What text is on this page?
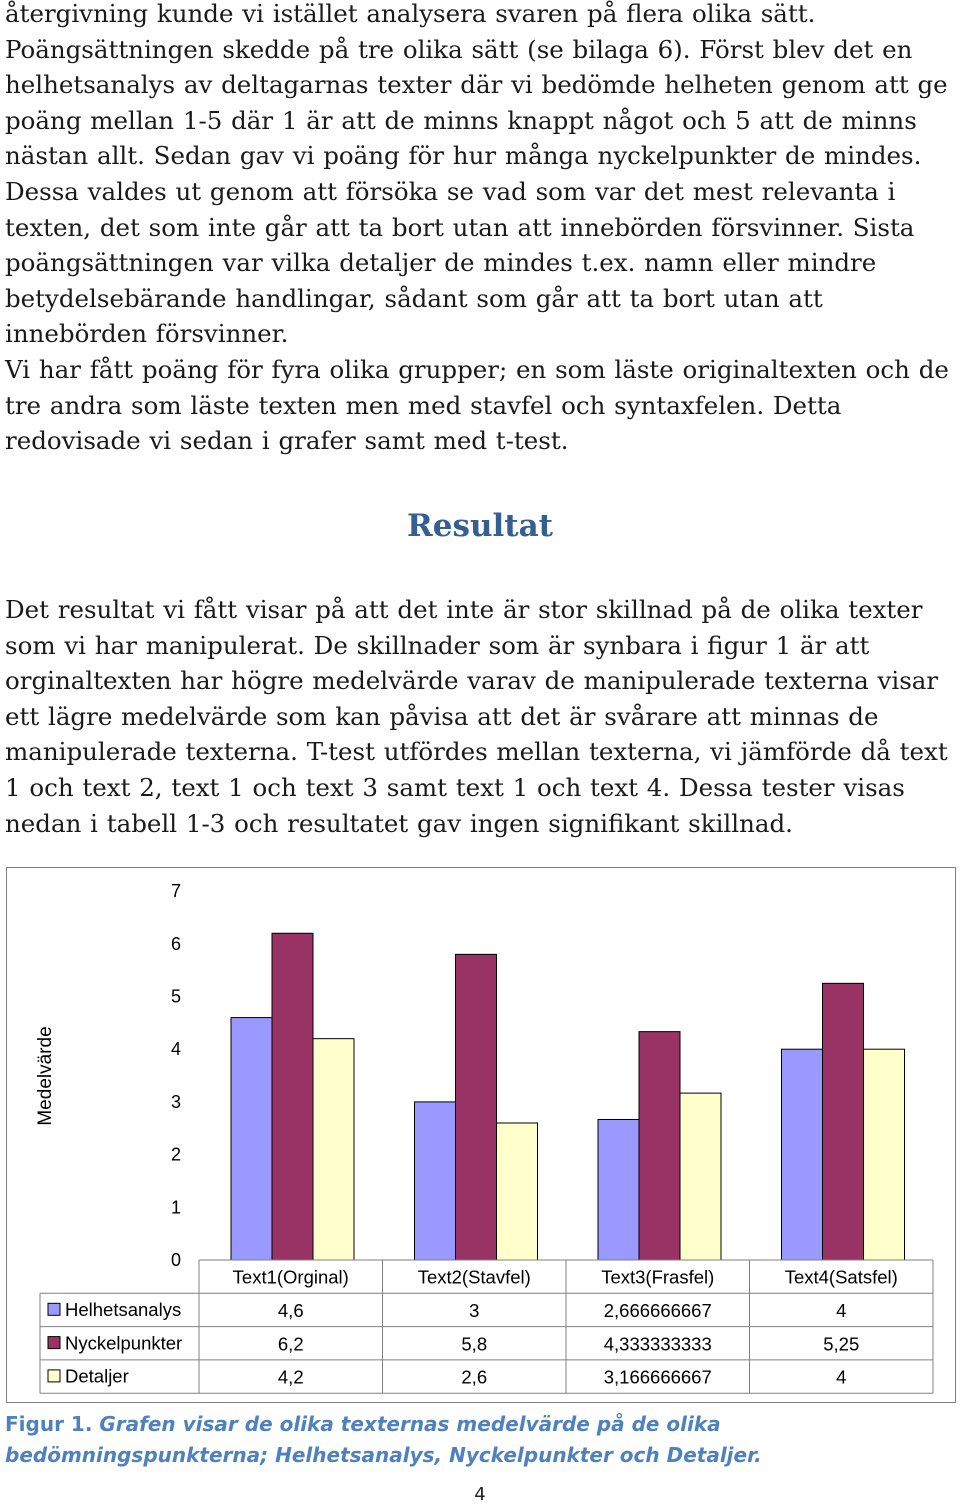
återgivning kunde vi istället analysera svaren på flera olika sätt. Poängsättningen skedde på tre olika sätt (se bilaga 6). Först blev det en helhetsanalys av deltagarnas texter där vi bedömde helheten genom att ge poäng mellan 1-5 där 1 är att de minns knappt något och 5 att de minns nästan allt. Sedan gav vi poäng för hur många nyckelpunkter de mindes. Dessa valdes ut genom att försöka se vad som var det mest relevanta i texten, det som inte går att ta bort utan att innebörden försvinner. Sista poängsättningen var vilka detaljer de mindes t.ex. namn eller mindre betydelsebärande handlingar, sådant som går att ta bort utan att innebörden försvinner.

Vi har fått poäng för fyra olika grupper; en som läste originaltexten och de tre andra som läste texten men med stavfel och syntaxfelen. Detta redovisade vi sedan i grafer samt med t-test.

Resultat

Det resultat vi fått visar på att det inte är stor skillnad på de olika texter som vi har manipulerat. De skillnader som är synbara i figur 1 är att orginaltexten har högre medelvärde varav de manipulerade texterna visar ett lägre medelvärde som kan påvisa att det är svårare att minnas de manipulerade texterna. T-test utfördes mellan texterna, vi jämförde då text 1 och text 2, text 1 och text 3 samt text 1 och text 4. Dessa tester visas nedan i tabell 1-3 och resultatet gav ingen signifikant skillnad.

Medelvärde
0
1
2
3
4
5
6
7
Text1(Orginal)	Text2(Stavfel)	Text3(Frasfel)	Text4(Satsfel)
Helhetsanalys	4,6	3	2,666666667	4
Nyckelpunkter	6,2	5,8	4,333333333	5,25
Detaljer	4,2	2,6	3,166666667	4

Figur 1. Grafen visar de olika texternas medelvärde på de olika bedömningspunkterna; Helhetsanalys, Nyckelpunkter och Detaljer.

4
